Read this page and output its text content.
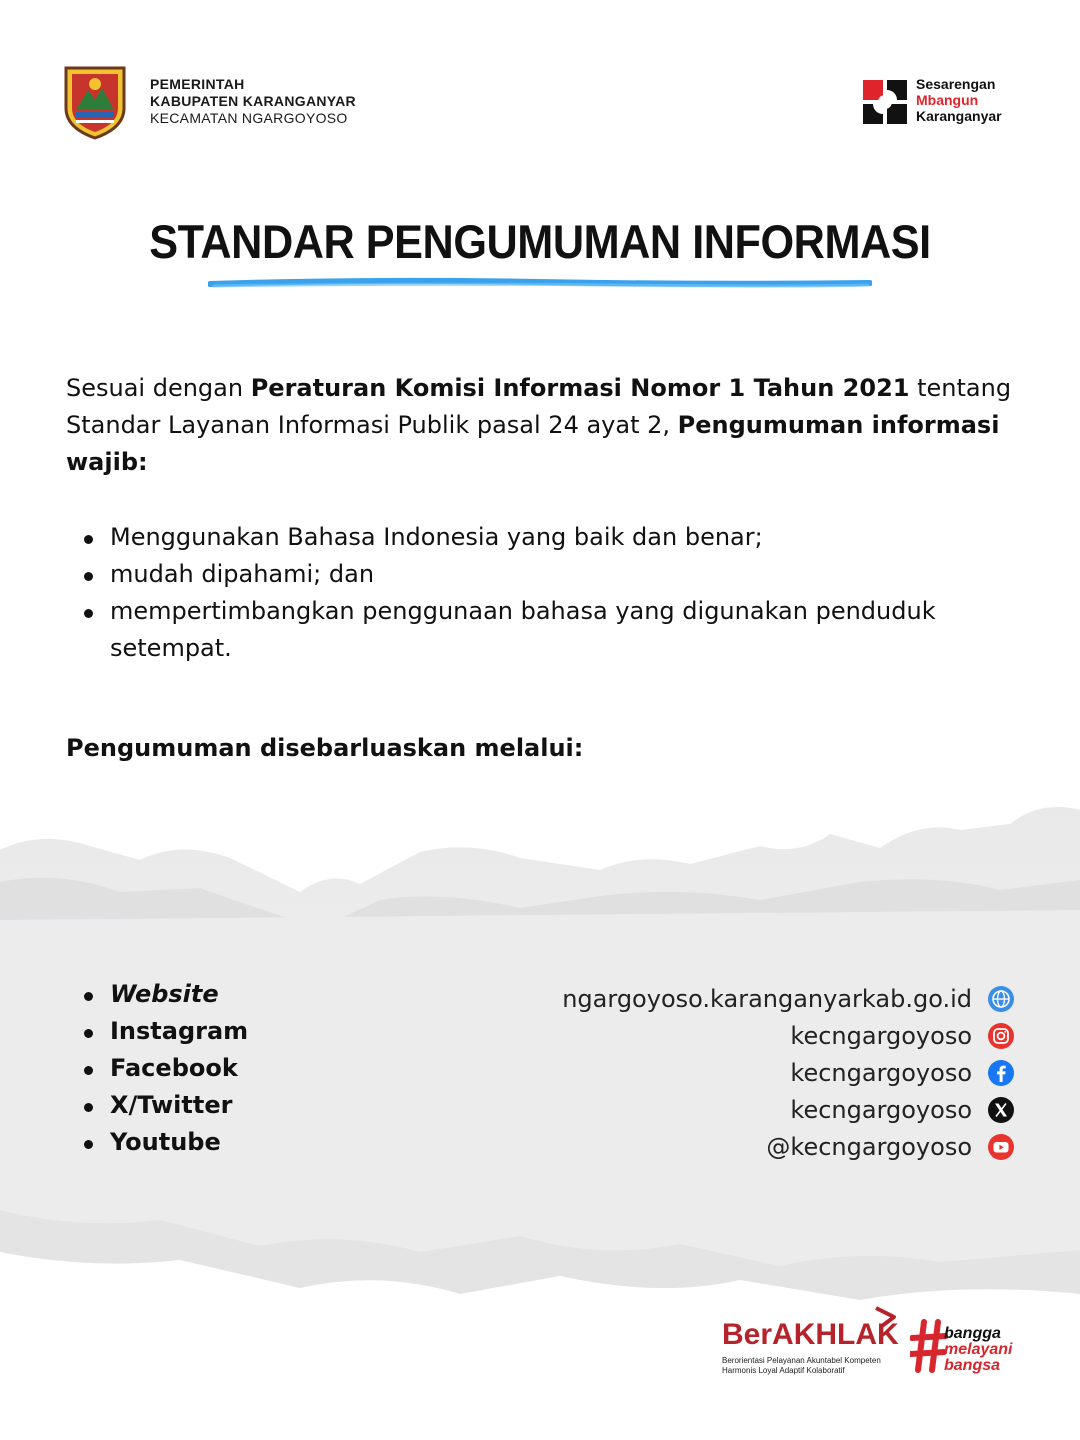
PEMERINTAH
KABUPATEN KARANGANYAR
KECAMATAN NGARGOYOSO
Sesarengan
Mbangun
Karanganyar
STANDAR PENGUMUMAN INFORMASI
Sesuai dengan Peraturan Komisi Informasi Nomor 1 Tahun 2021 tentang Standar Layanan Informasi Publik pasal 24 ayat 2, Pengumuman informasi wajib:
Menggunakan Bahasa Indonesia yang baik dan benar;
mudah dipahami; dan
mempertimbangkan penggunaan bahasa yang digunakan penduduk setempat.
Pengumuman disebarluaskan melalui:
Website
Instagram
Facebook
X/Twitter
Youtube
ngargoyoso.karanganyarkab.go.id
kecngargoyoso
kecngargoyoso
kecngargoyoso
@kecngargoyoso
BerAKHLAK
Berorientasi Pelayanan Akuntabel Kompeten
Harmonis Loyal Adaptif Kolaboratif
bangga
melayani
bangsa
